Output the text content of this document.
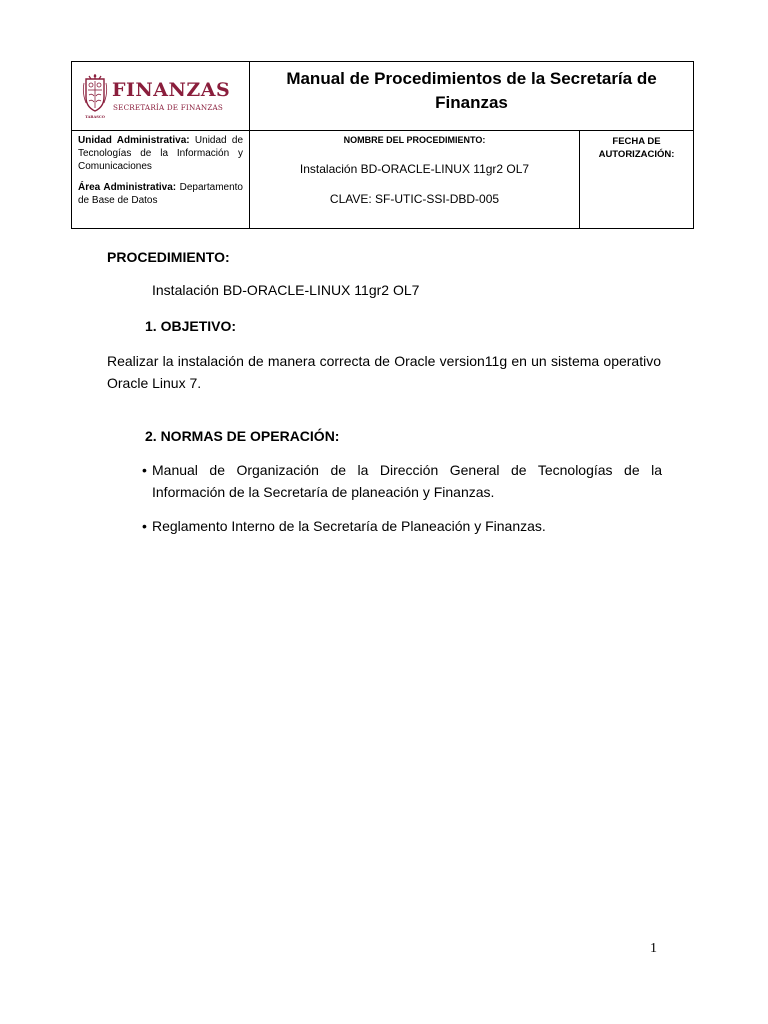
TABASCO
FINANZAS
SECRETARÍA DE FINANZAS
Manual de Procedimientos de la Secretaría de Finanzas

Unidad Administrativa: Unidad de Tecnologías de la Información y Comunicaciones

Área Administrativa: Departamento de Base de Datos

NOMBRE DEL PROCEDIMIENTO:
Instalación BD-ORACLE-LINUX 11gr2 OL7
CLAVE: SF-UTIC-SSI-DBD-005
FECHA DE
AUTORIZACIÓN:
PROCEDIMIENTO:
Instalación BD-ORACLE-LINUX 11gr2 OL7
1. OBJETIVO:
Realizar la instalación de manera correcta de Oracle version11g en un sistema operativo Oracle Linux 7.
2. NORMAS DE OPERACIÓN:
• Manual de Organización de la Dirección General de Tecnologías de la Información de la Secretaría de planeación y Finanzas.
• Reglamento Interno de la Secretaría de Planeación y Finanzas.
1
